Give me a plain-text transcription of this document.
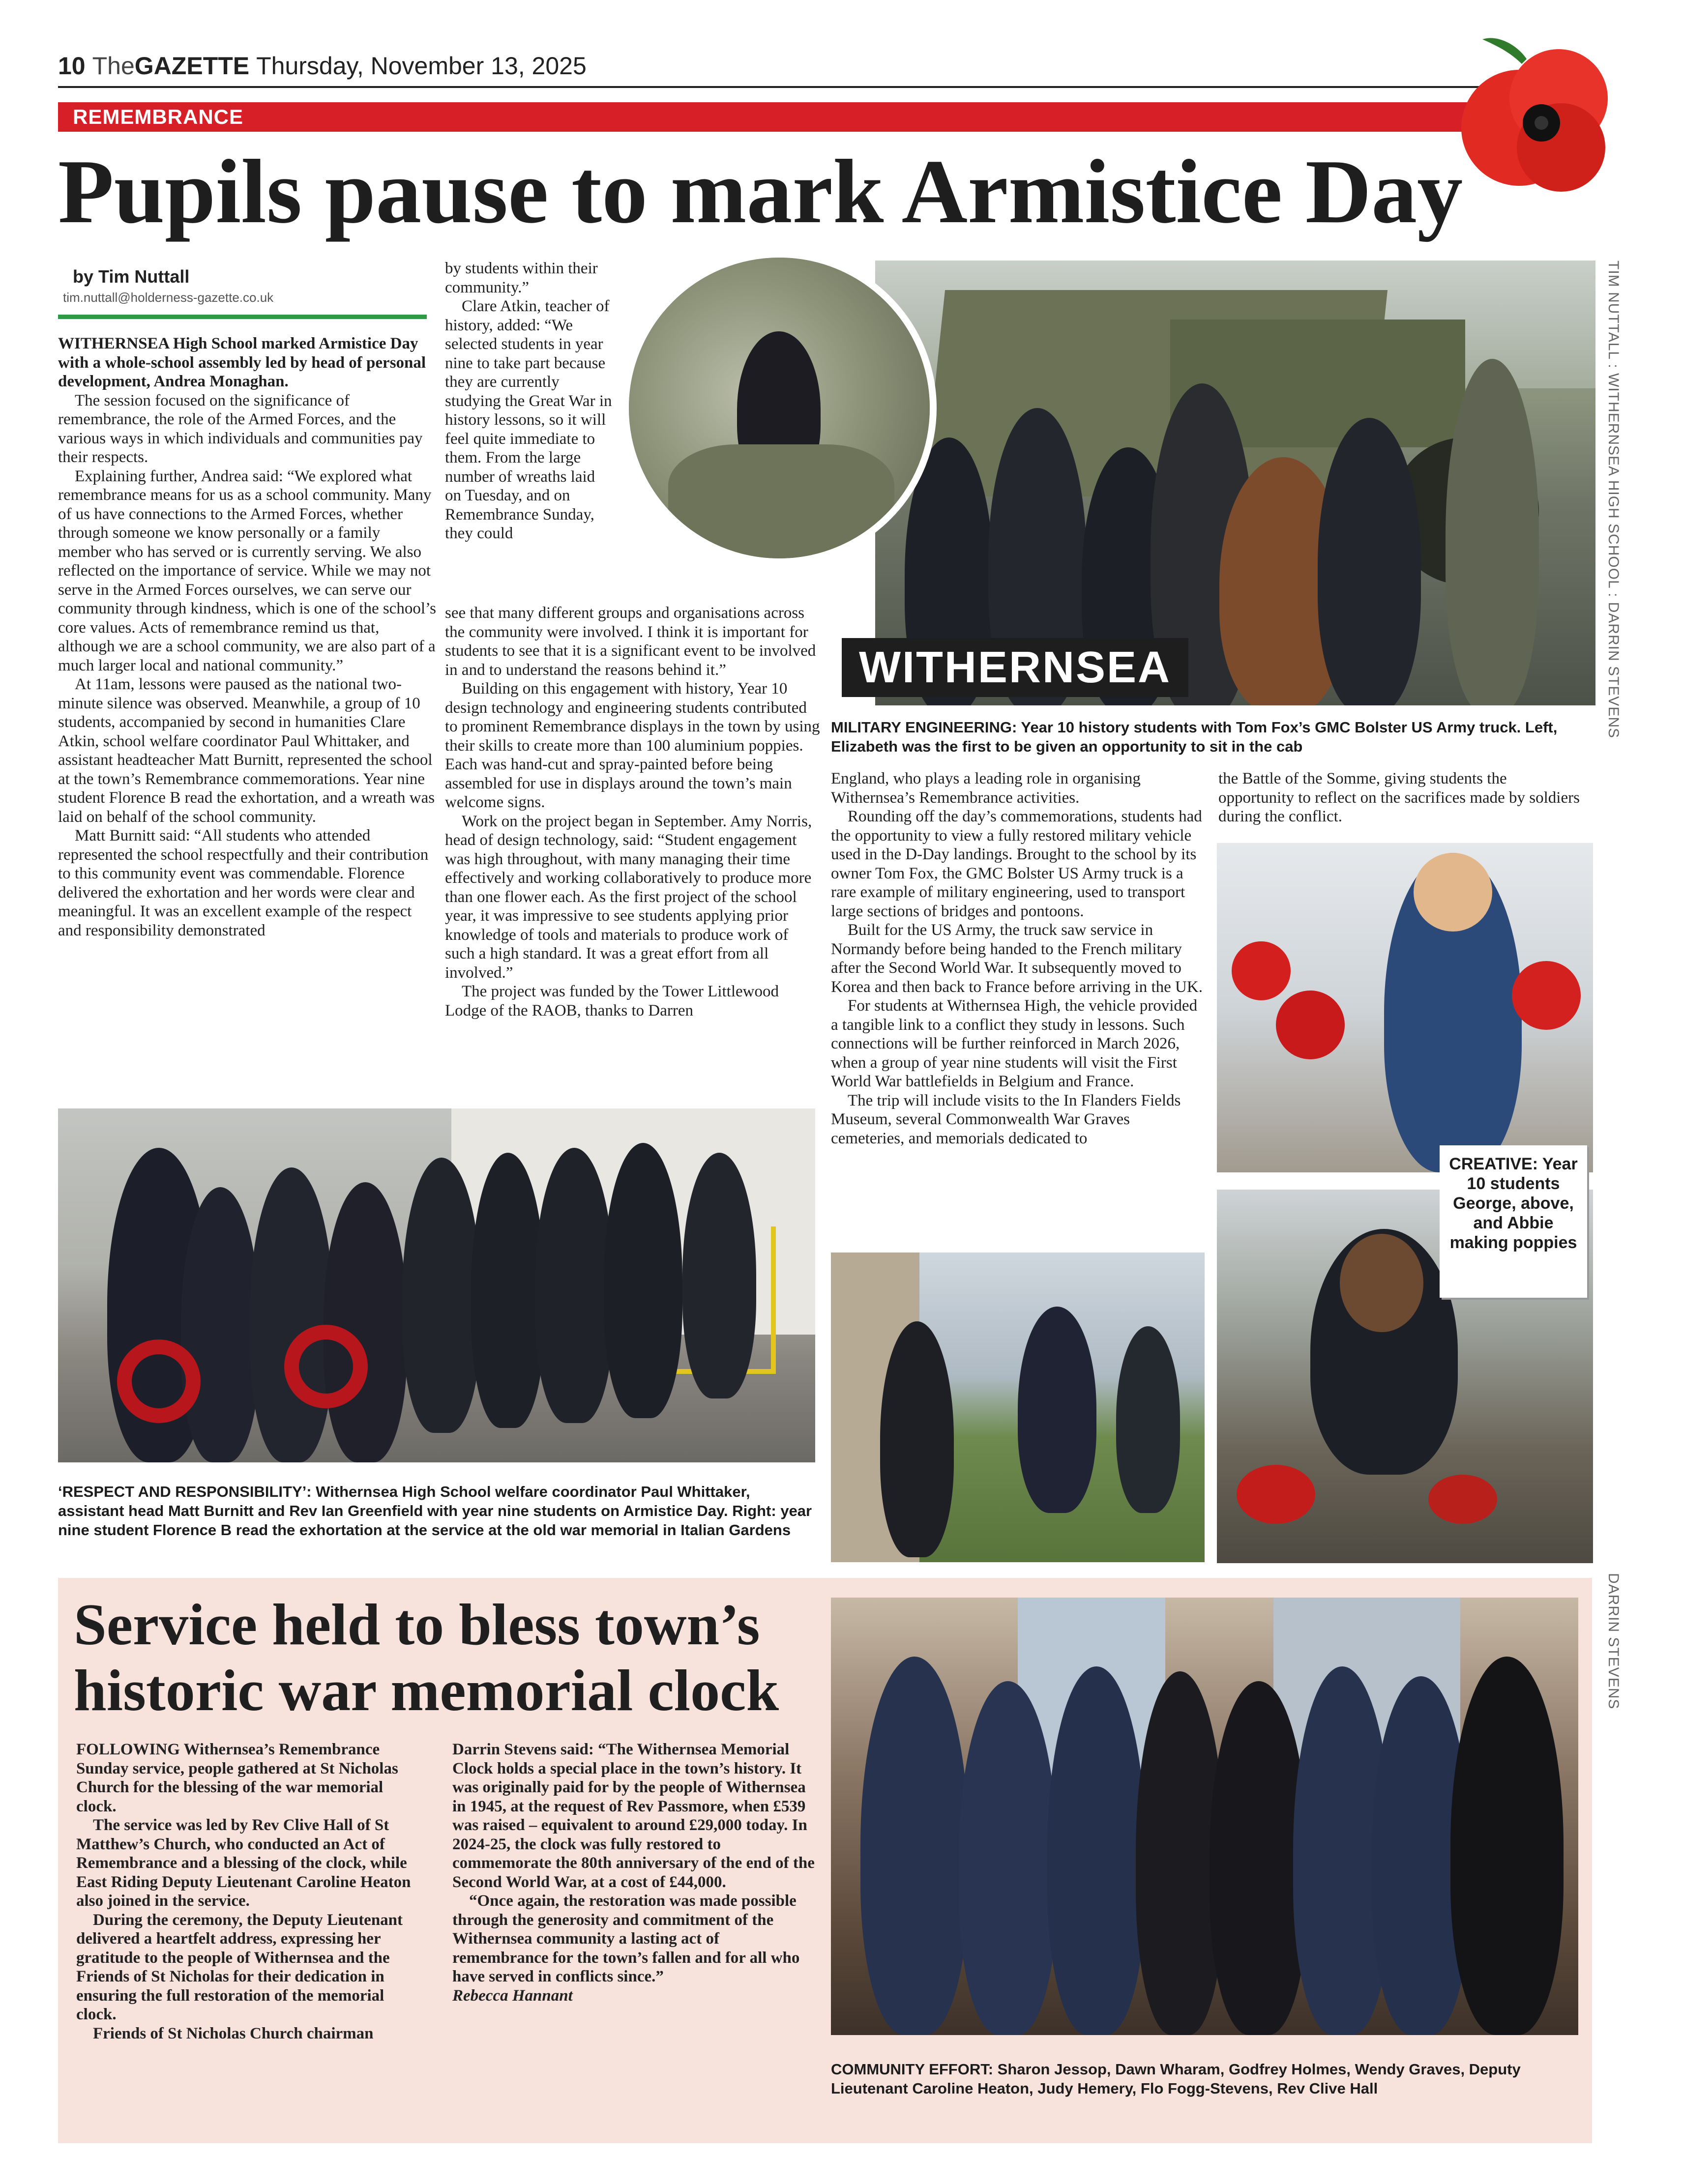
10 The GAZETTE Thursday, November 13, 2025
REMEMBRANCE
Pupils pause to mark Armistice Day
by Tim Nuttall
tim.nuttall@holderness-gazette.co.uk

WITHERNSEA High School marked Armistice Day with a whole-school assembly led by head of personal development, Andrea Monaghan.

The session focused on the significance of remembrance, the role of the Armed Forces, and the various ways in which individuals and communities pay their respects.

Explaining further, Andrea said: “We explored what remembrance means for us as a school community. Many of us have connections to the Armed Forces, whether through someone we know personally or a family member who has served or is currently serving. We also reflected on the importance of service. While we may not serve in the Armed Forces ourselves, we can serve our community through kindness, which is one of the school’s core values. Acts of remembrance remind us that, although we are a school community, we are also part of a much larger local and national community.”

At 11am, lessons were paused as the national two-minute silence was observed. Meanwhile, a group of 10 students, accompanied by second in humanities Clare Atkin, school welfare coordinator Paul Whittaker, and assistant headteacher Matt Burnitt, represented the school at the town’s Remembrance commemorations. Year nine student Florence B read the exhortation, and a wreath was laid on behalf of the school community.

Matt Burnitt said: “All students who attended represented the school respectfully and their contribution to this community event was commendable. Florence delivered the exhortation and her words were clear and meaningful. It was an excellent example of the respect and responsibility demonstrated

by students within their community.”

Clare Atkin, teacher of history, added: “We selected students in year nine to take part because they are currently studying the Great War in history lessons, so it will feel quite immediate to them. From the large number of wreaths laid on Tuesday, and on Remembrance Sunday, they could

see that many different groups and organisations across the community were involved. I think it is important for students to see that it is a significant event to be involved in and to understand the reasons behind it.”

Building on this engagement with history, Year 10 design technology and engineering students contributed to prominent Remembrance displays in the town by using their skills to create more than 100 aluminium poppies. Each was hand-cut and spray-painted before being assembled for use in displays around the town’s main welcome signs.

Work on the project began in September. Amy Norris, head of design technology, said: “Student engagement was high throughout, with many managing their time effectively and working collaboratively to produce more than one flower each. As the first project of the school year, it was impressive to see students applying prior knowledge of tools and materials to produce work of such a high standard. It was a great effort from all involved.”

The project was funded by the Tower Littlewood Lodge of the RAOB, thanks to Darren

England, who plays a leading role in organising Withernsea’s Remembrance activities.

Rounding off the day’s commemorations, students had the opportunity to view a fully restored military vehicle used in the D-Day landings. Brought to the school by its owner Tom Fox, the GMC Bolster US Army truck is a rare example of military engineering, used to transport large sections of bridges and pontoons.

Built for the US Army, the truck saw service in Normandy before being handed to the French military after the Second World War. It subsequently moved to Korea and then back to France before arriving in the UK.

For students at Withernsea High, the vehicle provided a tangible link to a conflict they study in lessons. Such connections will be further reinforced in March 2026, when a group of year nine students will visit the First World War battlefields in Belgium and France.

The trip will include visits to the In Flanders Fields Museum, several Commonwealth War Graves cemeteries, and memorials dedicated to

the Battle of the Somme, giving students the opportunity to reflect on the sacrifices made by soldiers during the conflict.

WITHERNSEA
MILITARY ENGINEERING: Year 10 history students with Tom Fox’s GMC Bolster US Army truck. Left, Elizabeth was the first to be given an opportunity to sit in the cab
TIM NUTTALL : WITHERNSEA HIGH SCHOOL : DARRIN STEVENS
DARRIN STEVENS
‘RESPECT AND RESPONSIBILITY’: Withernsea High School welfare coordinator Paul Whittaker, assistant head Matt Burnitt and Rev Ian Greenfield with year nine students on Armistice Day. Right: year nine student Florence B read the exhortation at the service at the old war memorial in Italian Gardens
CREATIVE: Year 10 students George, above, and Abbie making poppies
Service held to bless town’s
historic war memorial clock

FOLLOWING Withernsea’s Remembrance Sunday service, people gathered at St Nicholas Church for the blessing of the war memorial clock.

The service was led by Rev Clive Hall of St Matthew’s Church, who conducted an Act of Remembrance and a blessing of the clock, while East Riding Deputy Lieutenant Caroline Heaton also joined in the service.

During the ceremony, the Deputy Lieutenant delivered a heartfelt address, expressing her gratitude to the people of Withernsea and the Friends of St Nicholas for their dedication in ensuring the full restoration of the memorial clock.

Friends of St Nicholas Church chairman

Darrin Stevens said: “The Withernsea Memorial Clock holds a special place in the town’s history. It was originally paid for by the people of Withernsea in 1945, at the request of Rev Passmore, when £539 was raised – equivalent to around £29,000 today. In 2024-25, the clock was fully restored to commemorate the 80th anniversary of the end of the Second World War, at a cost of £44,000.

“Once again, the restoration was made possible through the generosity and commitment of the Withernsea community a lasting act of remembrance for the town’s fallen and for all who have served in conflicts since.”

Rebecca Hannant

COMMUNITY EFFORT: Sharon Jessop, Dawn Wharam, Godfrey Holmes, Wendy Graves, Deputy Lieutenant Caroline Heaton, Judy Hemery, Flo Fogg-Stevens, Rev Clive Hall
